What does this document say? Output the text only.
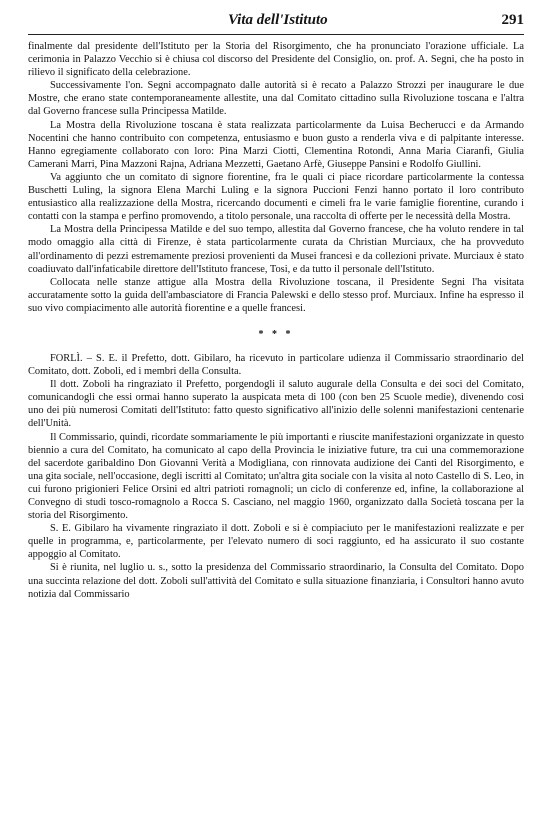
Vita dell'Istituto	291

finalmente dal presidente dell'Istituto per la Storia del Risorgimento, che ha pronunciato l'orazione ufficiale. La cerimonia in Palazzo Vecchio si è chiusa col discorso del Presidente del Consiglio, on. prof. A. Segni, che ha posto in rilievo il significato della celebrazione.

Successivamente l'on. Segni accompagnato dalle autorità si è recato a Palazzo Strozzi per inaugurare le due Mostre, che erano state contemporaneamente allestite, una dal Comitato cittadino sulla Rivoluzione toscana e l'altra dal Governo francese sulla Principessa Matilde.

La Mostra della Rivoluzione toscana è stata realizzata particolarmente da Luisa Becherucci e da Armando Nocentini che hanno contribuito con competenza, entusiasmo e buon gusto a renderla viva e di palpitante interesse. Hanno egregiamente collaborato con loro: Pina Marzi Ciotti, Clementina Rotondi, Anna Maria Ciaranfi, Giulia Camerani Marri, Pina Mazzoni Rajna, Adriana Mezzetti, Gaetano Arfè, Giuseppe Pansini e Rodolfo Giullini.

Va aggiunto che un comitato di signore fiorentine, fra le quali ci piace ricordare particolarmente la contessa Buschetti Luling, la signora Elena Marchi Luling e la signora Puccioni Fenzi hanno portato il loro contributo entusiastico alla realizzazione della Mostra, ricercando documenti e cimeli fra le varie famiglie fiorentine, curando i contatti con la stampa e perfino promovendo, a titolo personale, una raccolta di offerte per le necessità della Mostra.

La Mostra della Principessa Matilde e del suo tempo, allestita dal Governo francese, che ha voluto rendere in tal modo omaggio alla città di Firenze, è stata particolarmente curata da Christian Murciaux, che ha provveduto all'ordinamento di pezzi estremamente preziosi provenienti da Musei francesi e da collezioni private. Murciaux è stato coadiuvato dall'infaticabile direttore dell'Istituto francese, Tosi, e da tutto il personale dell'Istituto.

Collocata nelle stanze attigue alla Mostra della Rivoluzione toscana, il Presidente Segni l'ha visitata accuratamente sotto la guida dell'ambasciatore di Francia Palewski e dello stesso prof. Murciaux. Infine ha espresso il suo vivo compiacimento alle autorità fiorentine e a quelle francesi.

* * *

FORLÌ. – S. E. il Prefetto, dott. Gibilaro, ha ricevuto in particolare udienza il Commissario straordinario del Comitato, dott. Zoboli, ed i membri della Consulta.

Il dott. Zoboli ha ringraziato il Prefetto, porgendogli il saluto augurale della Consulta e dei soci del Comitato, comunicandogli che essi ormai hanno superato la auspicata meta di 100 (con ben 25 Scuole medie), divenendo così uno dei più numerosi Comitati dell'Istituto: fatto questo significativo all'inizio delle solenni manifestazioni centenarie dell'Unità.

Il Commissario, quindi, ricordate sommariamente le più importanti e riuscite manifestazioni organizzate in questo biennio a cura del Comitato, ha comunicato al capo della Provincia le iniziative future, tra cui una commemorazione del sacerdote garibaldino Don Giovanni Verità a Modigliana, con rinnovata audizione dei Canti del Risorgimento, e una gita sociale, nell'occasione, degli iscritti al Comitato; un'altra gita sociale con la visita al noto Castello di S. Leo, in cui furono prigionieri Felice Orsini ed altri patrioti romagnoli; un ciclo di conferenze ed, infine, la collaborazione al Convegno di studi tosco-romagnolo a Rocca S. Casciano, nel maggio 1960, organizzato dalla Società toscana per la storia del Risorgimento.

S. E. Gibilaro ha vivamente ringraziato il dott. Zoboli e si è compiaciuto per le manifestazioni realizzate e per quelle in programma, e, particolarmente, per l'elevato numero di soci raggiunto, ed ha assicurato il suo costante appoggio al Comitato.

Si è riunita, nel luglio u. s., sotto la presidenza del Commissario straordinario, la Consulta del Comitato. Dopo una succinta relazione del dott. Zoboli sull'attività del Comitato e sulla situazione finanziaria, i Consultori hanno avuto notizia dal Commissario
